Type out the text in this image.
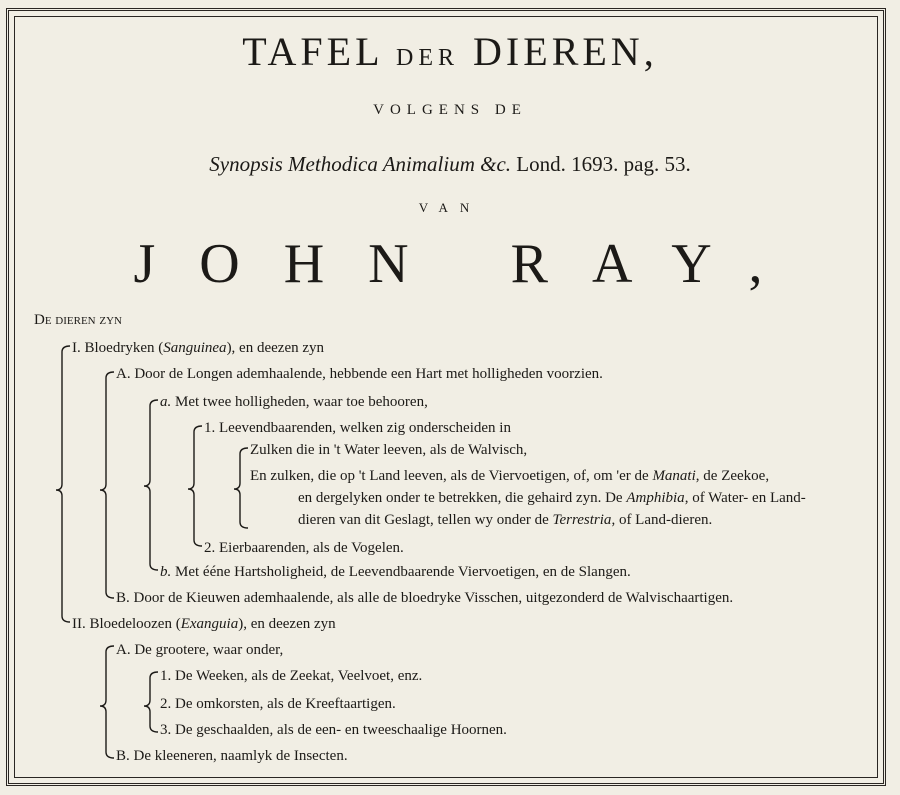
TAFEL DER DIEREN,
VOLGENS DE
Synopsis Methodica Animalium &c. Lond. 1693. pag. 53.
VAN
JOHN RAY,
De dieren zyn
I. Bloedryken (Sanguinea), en deezen zyn
A. Door de Longen ademhaalende, hebbende een Hart met holligheden voorzien.
a. Met twee holligheden, waar toe behooren,
1. Leevendbaarenden, welken zig onderscheiden in
Zulken die in 't Water leeven, als de Walvisch,
En zulken, die op 't Land leeven, als de Viervoetigen, of, om 'er de Manati, de Zeekoe,
en dergelyken onder te betrekken, die gehaird zyn. De Amphibia, of Water- en Land-
dieren van dit Geslagt, tellen wy onder de Terrestria, of Land-dieren.
2. Eierbaarenden, als de Vogelen.
b. Met ééne Hartsholigheid, de Leevendbaarende Viervoetigen, en de Slangen.
B. Door de Kieuwen ademhaalende, als alle de bloedryke Visschen, uitgezonderd de Walvischaartigen.
II. Bloedeloozen (Exanguia), en deezen zyn
A. De grootere, waar onder,
1. De Weeken, als de Zeekat, Veelvoet, enz.
2. De omkorsten, als de Kreeftaartigen.
3. De geschaalden, als de een- en tweeschaalige Hoornen.
B. De kleeneren, naamlyk de Insecten.
